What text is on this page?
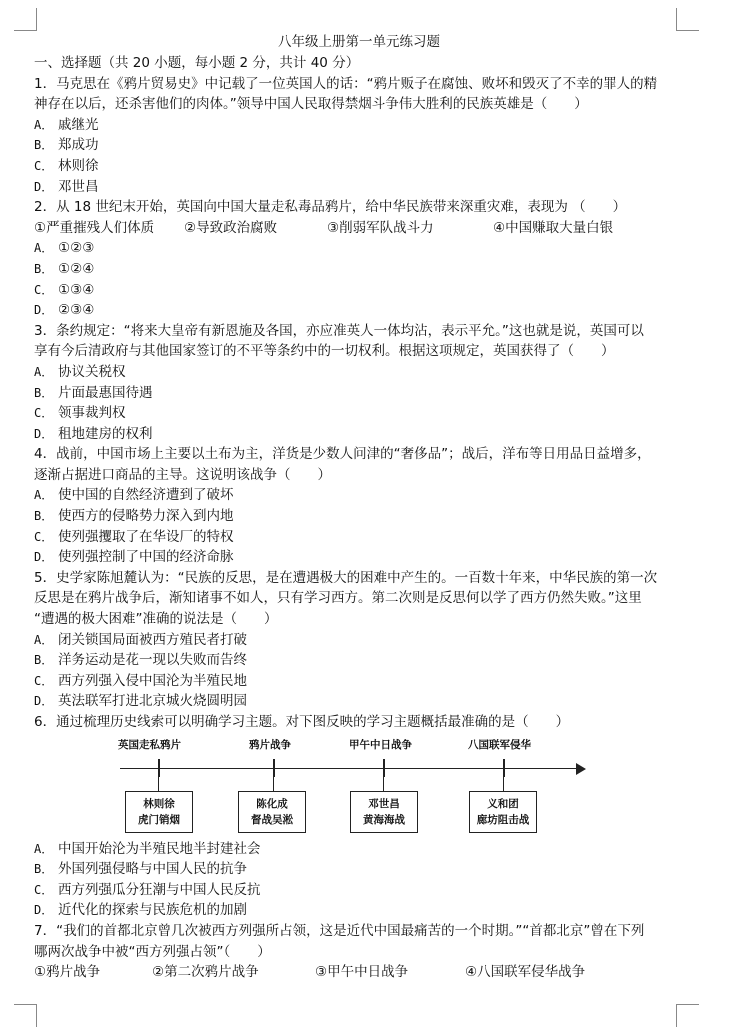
八年级上册第一单元练习题
一、选择题（共 20 小题，每小题 2 分，共计 40 分）
1．马克思在《鸦片贸易史》中记载了一位英国人的话：“鸦片贩子在腐蚀、败坏和毁灭了不幸的罪人的精
神存在以后，还杀害他们的肉体。”领导中国人民取得禁烟斗争伟大胜利的民族英雄是（　　）
A． 戚继光
B． 郑成功
C． 林则徐
D． 邓世昌
2．从 18 世纪末开始，英国向中国大量走私毒品鸦片，给中华民族带来深重灾难，表现为 （　　）
①严重摧残人们体质	②导致政治腐败	③削弱军队战斗力	④中国赚取大量白银
A． ①②③
B． ①②④
C． ①③④
D． ②③④
3．条约规定：“将来大皇帝有新恩施及各国，亦应准英人一体均沾，表示平允。”这也就是说，英国可以
享有今后清政府与其他国家签订的不平等条约中的一切权利。根据这项规定，英国获得了（　　）
A． 协议关税权
B． 片面最惠国待遇
C． 领事裁判权
D． 租地建房的权利
4．战前，中国市场上主要以土布为主，洋货是少数人问津的“奢侈品”；战后，洋布等日用品日益增多，
逐渐占据进口商品的主导。这说明该战争（　　）
A． 使中国的自然经济遭到了破坏
B． 使西方的侵略势力深入到内地
C． 使列强攫取了在华设厂的特权
D． 使列强控制了中国的经济命脉
5．史学家陈旭麓认为：“民族的反思，是在遭遇极大的困难中产生的。一百数十年来，中华民族的第一次
反思是在鸦片战争后，渐知诸事不如人，只有学习西方。第二次则是反思何以学了西方仍然失败。”这里
“遭遇的极大困难”准确的说法是（　　）
A． 闭关锁国局面被西方殖民者打破
B． 洋务运动是花一现以失败而告终
C． 西方列强入侵中国沦为半殖民地
D． 英法联军打进北京城火烧圆明园
6．通过梳理历史线索可以明确学习主题。对下图反映的学习主题概括最准确的是（　　）
英国走私鸦片
林则徐
虎门销烟
鸦片战争
陈化成
督战吴淞
甲午中日战争
邓世昌
黄海海战
八国联军侵华
义和团
廊坊阻击战
A． 中国开始沦为半殖民地半封建社会
B． 外国列强侵略与中国人民的抗争
C． 西方列强瓜分狂潮与中国人民反抗
D． 近代化的探索与民族危机的加剧
7．“我们的首都北京曾几次被西方列强所占领，这是近代中国最痛苦的一个时期。”“首都北京”曾在下列
哪两次战争中被“西方列强占领”（　　）
①鸦片战争	②第二次鸦片战争	③甲午中日战争	④八国联军侵华战争
